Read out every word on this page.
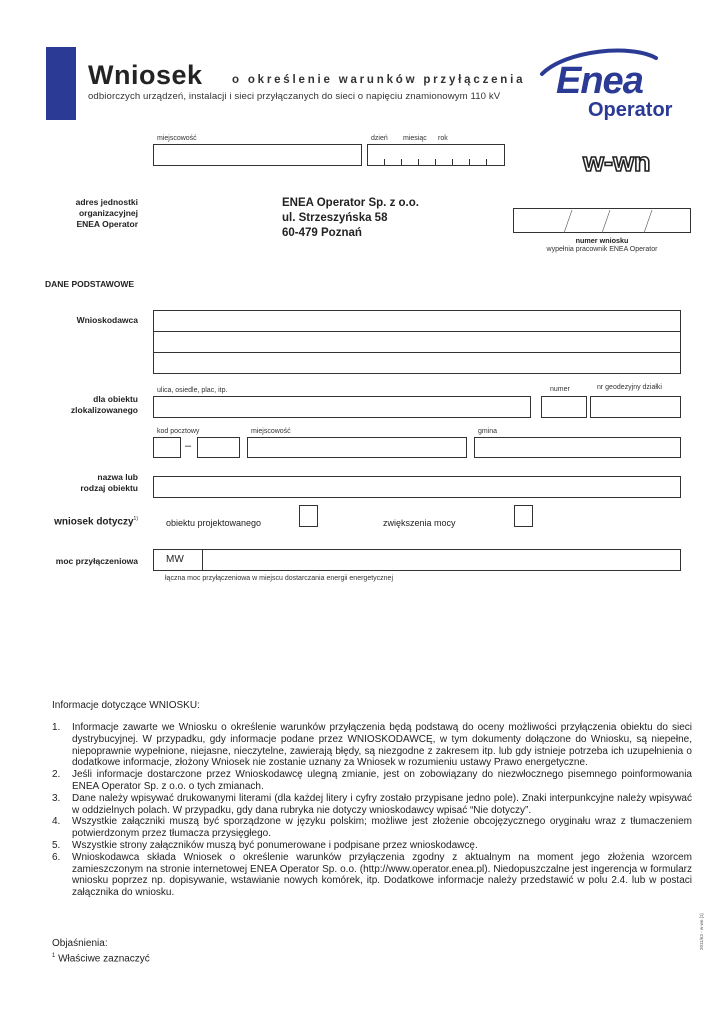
Wniosek	o określenie warunków przyłączenia
odbiorczych urządzeń, instalacji i sieci przyłączanych do sieci o napięciu znamionowym 110 kV Enea
Operator
miejscowość	dzień miesiąc rok
w-wn
adres jednostki
organizacyjnej
ENEA Operator
ENEA Operator Sp. z o.o.
ul. Strzeszyńska 58
60-479 Poznań
numer wniosku
wypełnia pracownik ENEA Operator
DANE PODSTAWOWE
Wnioskodawca
dla obiektu
zlokalizowanego
ulica, osiedle, plac, itp.	numer	nr geodezyjny działki
kod pocztowy	miejscowość	gmina
–
nazwa lub
rodzaj obiektu
wniosek dotyczy$^{1)}$	obiektu projektowanego	zwiększenia mocy
moc przyłączeniowa	MW
łączna moc przyłączeniowa w miejscu dostarczania energii energetycznej
Informacje dotyczące WNIOSKU:
1.	Informacje zawarte we Wniosku o określenie warunków przyłączenia będą podstawą do oceny możliwości przyłączenia obiektu do sieci dystrybucyjnej. W przypadku, gdy informacje podane przez WNIOSKODAWCĘ, w tym dokumenty dołączone do Wniosku, są niepełne, niepoprawnie wypełnione, niejasne, nieczytelne, zawierają błędy, są niezgodne z zakresem itp. lub gdy istnieje potrzeba ich uzupełnienia o dodatkowe informacje, złożony Wniosek nie zostanie uznany za Wniosek w rozumieniu ustawy Prawo energetyczne.
2.	Jeśli informacje dostarczone przez Wnioskodawcę ulegną zmianie, jest on zobowiązany do niezwłocznego pisemnego poinformowania ENEA Operator Sp. z o.o. o tych zmianach.
3.	Dane należy wpisywać drukowanymi literami (dla każdej litery i cyfry zostało przypisane jedno pole). Znaki interpunkcyjne należy wpisywać w oddzielnych polach. W przypadku, gdy dana rubryka nie dotyczy wnioskodawcy wpisać “Nie dotyczy”.
4.	Wszystkie załączniki muszą być sporządzone w języku polskim; możliwe jest złożenie obcojęzycznego oryginału wraz z tłumaczeniem potwierdzonym przez tłumacza przysięgłego.
5.	Wszystkie strony załączników muszą być ponumerowane i podpisane przez wnioskodawcę.
6.	Wnioskodawca składa Wniosek o określenie warunków przyłączenia zgodny z aktualnym na moment jego złożenia wzorcem zamieszczonym na stronie internetowej ENEA Operator Sp. o.o. (http://www.operator.enea.pl). Niedopuszczalne jest ingerencja w formularz wniosku poprzez np. dopisywanie, wstawianie nowych komórek, itp. Dodatkowe informacje należy przedstawić w polu 2.4. lub w postaci załącznika do wniosku.
Objaśnienia:
$^1$ Właściwe zaznaczyć
2011/63 - w-wn [1]
